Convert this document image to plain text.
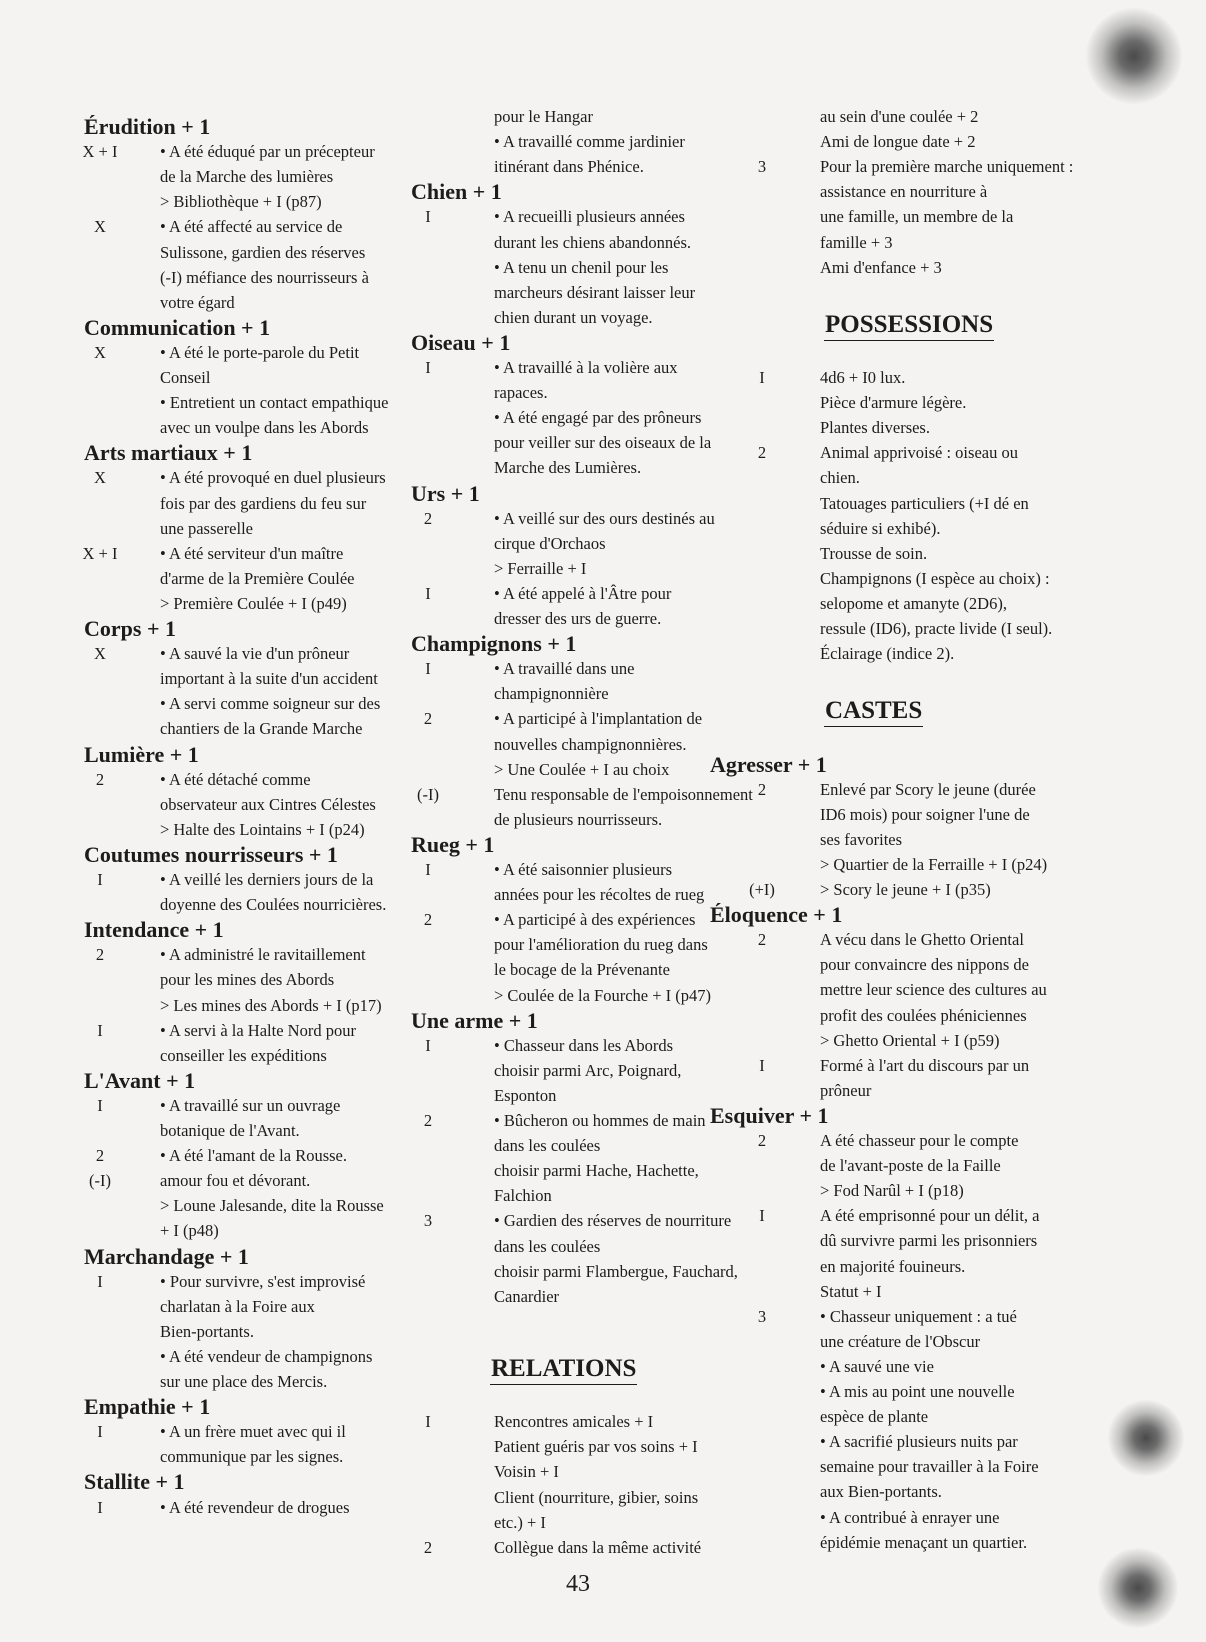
Érudition + 1
X + I	• A été éduqué par un précepteur
de la Marche des lumières
> Bibliothèque + I (p87)
X	• A été affecté au service de
Sulissone, gardien des réserves
(-I) méfiance des nourrisseurs à
votre égard
Communication + 1
X	• A été le porte-parole du Petit
Conseil
• Entretient un contact empathique
avec un voulpe dans les Abords
Arts martiaux + 1
X	• A été provoqué en duel plusieurs
fois par des gardiens du feu sur
une passerelle
X + I	• A été serviteur d'un maître
d'arme de la Première Coulée
> Première Coulée + I (p49)
Corps + 1
X	• A sauvé la vie d'un prôneur
important à la suite d'un accident
• A servi comme soigneur sur des
chantiers de la Grande Marche
Lumière + 1
2	• A été détaché comme
observateur aux Cintres Célestes
> Halte des Lointains + I (p24)
Coutumes nourrisseurs + 1
I	• A veillé les derniers jours de la
doyenne des Coulées nourricières.
Intendance + 1
2	• A administré le ravitaillement
pour les mines des Abords
> Les mines des Abords + I (p17)
I	• A servi à la Halte Nord pour
conseiller les expéditions
L'Avant + 1
I	• A travaillé sur un ouvrage
botanique de l'Avant.
2	• A été l'amant de la Rousse.
(-I)	amour fou et dévorant.
> Loune Jalesande, dite la Rousse
+ I (p48)
Marchandage + 1
I	• Pour survivre, s'est improvisé
charlatan à la Foire aux
Bien-portants.
• A été vendeur de champignons
sur une place des Mercis.
Empathie + 1
I	• A un frère muet avec qui il
communique par les signes.
Stallite + 1
I	• A été revendeur de drogues
pour le Hangar
• A travaillé comme jardinier
itinérant dans Phénice.
Chien + 1
I	• A recueilli plusieurs années
durant les chiens abandonnés.
• A tenu un chenil pour les
marcheurs désirant laisser leur
chien durant un voyage.
Oiseau + 1
I	• A travaillé à la volière aux
rapaces.
• A été engagé par des prôneurs
pour veiller sur des oiseaux de la
Marche des Lumières.
Urs + 1
2	• A veillé sur des ours destinés au
cirque d'Orchaos
> Ferraille + I
I	• A été appelé à l'Âtre pour
dresser des urs de guerre.
Champignons + 1
I	• A travaillé dans une
champignonnière
2	• A participé à l'implantation de
nouvelles champignonnières.
> Une Coulée + I au choix
(-I)	Tenu responsable de l'empoisonnement
de plusieurs nourrisseurs.
Rueg + 1
I	• A été saisonnier plusieurs
années pour les récoltes de rueg
2	• A participé à des expériences
pour l'amélioration du rueg dans
le bocage de la Prévenante
> Coulée de la Fourche + I (p47)
Une arme + 1
I	• Chasseur dans les Abords
choisir parmi Arc, Poignard,
Esponton
2	• Bûcheron ou hommes de main
dans les coulées
choisir parmi Hache, Hachette,
Falchion
3	• Gardien des réserves de nourriture
dans les coulées
choisir parmi Flambergue, Fauchard,
Canardier
RELATIONS
I	Rencontres amicales + I
Patient guéris par vos soins + I
Voisin + I
Client (nourriture, gibier, soins
etc.) + I
2	Collègue dans la même activité
au sein d'une coulée + 2
Ami de longue date + 2
3	Pour la première marche uniquement :
assistance en nourriture à
une famille, un membre de la
famille + 3
Ami d'enfance + 3
POSSESSIONS
I	4d6 + I0 lux.
Pièce d'armure légère.
Plantes diverses.
2	Animal apprivoisé : oiseau ou
chien.
Tatouages particuliers (+I dé en
séduire si exhibé).
Trousse de soin.
Champignons (I espèce au choix) :
selopome et amanyte (2D6),
ressule (ID6), practe livide (I seul).
Éclairage (indice 2).
CASTES
Agresser + 1
2	Enlevé par Scory le jeune (durée
ID6 mois) pour soigner l'une de
ses favorites
> Quartier de la Ferraille + I (p24)
(+I)	> Scory le jeune + I (p35)
Éloquence + 1
2	A vécu dans le Ghetto Oriental
pour convaincre des nippons de
mettre leur science des cultures au
profit des coulées phéniciennes
> Ghetto Oriental + I (p59)
I	Formé à l'art du discours par un
prôneur
Esquiver + 1
2	A été chasseur pour le compte
de l'avant-poste de la Faille
> Fod Narûl + I (p18)
I	A été emprisonné pour un délit, a
dû survivre parmi les prisonniers
en majorité fouineurs.
Statut + I
3	• Chasseur uniquement : a tué
une créature de l'Obscur
• A sauvé une vie
• A mis au point une nouvelle
espèce de plante
• A sacrifié plusieurs nuits par
semaine pour travailler à la Foire
aux Bien-portants.
• A contribué à enrayer une
épidémie menaçant un quartier.
43
